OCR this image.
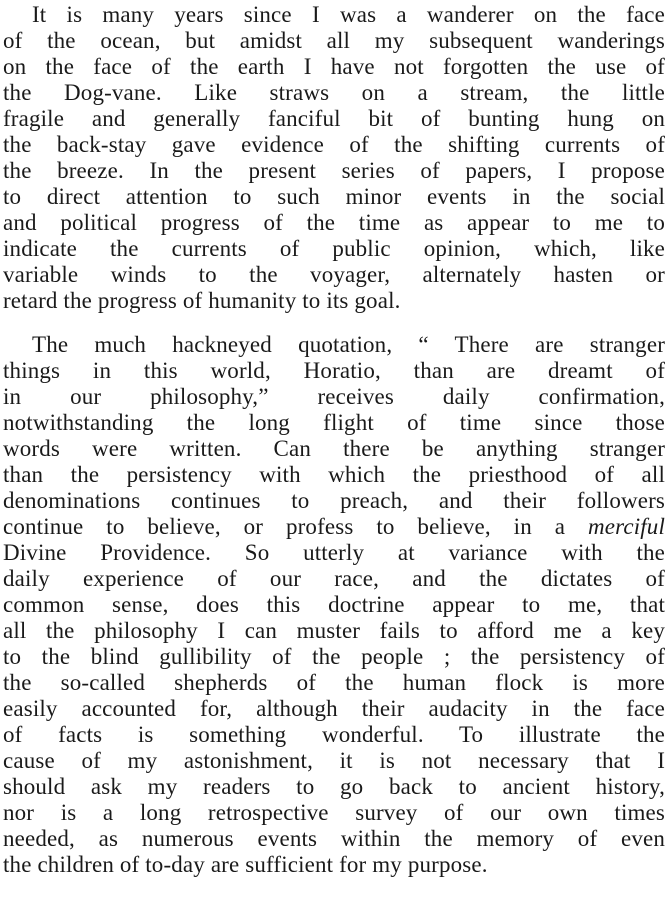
It is many years since I was a wanderer on the face
of the ocean, but amidst all my subsequent wanderings
on the face of the earth I have not forgotten the use of
the Dog-vane. Like straws on a stream, the little
fragile and generally fanciful bit of bunting hung on
the back-stay gave evidence of the shifting currents of
the breeze. In the present series of papers, I propose
to direct attention to such minor events in the social
and political progress of the time as appear to me to
indicate the currents of public opinion, which, like
variable winds to the voyager, alternately hasten or
retard the progress of humanity to its goal.
The much hackneyed quotation, “ There are stranger
things in this world, Horatio, than are dreamt of
in our philosophy,” receives daily confirmation,
notwithstanding the long flight of time since those
words were written. Can there be anything stranger
than the persistency with which the priesthood of all
denominations continues to preach, and their followers
continue to believe, or profess to believe, in a merciful
Divine Providence. So utterly at variance with the
daily experience of our race, and the dictates of
common sense, does this doctrine appear to me, that
all the philosophy I can muster fails to afford me a key
to the blind gullibility of the people ; the persistency of
the so-called shepherds of the human flock is more
easily accounted for, although their audacity in the face
of facts is something wonderful. To illustrate the
cause of my astonishment, it is not necessary that I
should ask my readers to go back to ancient history,
nor is a long retrospective survey of our own times
needed, as numerous events within the memory of even
the children of to-day are sufficient for my purpose.
